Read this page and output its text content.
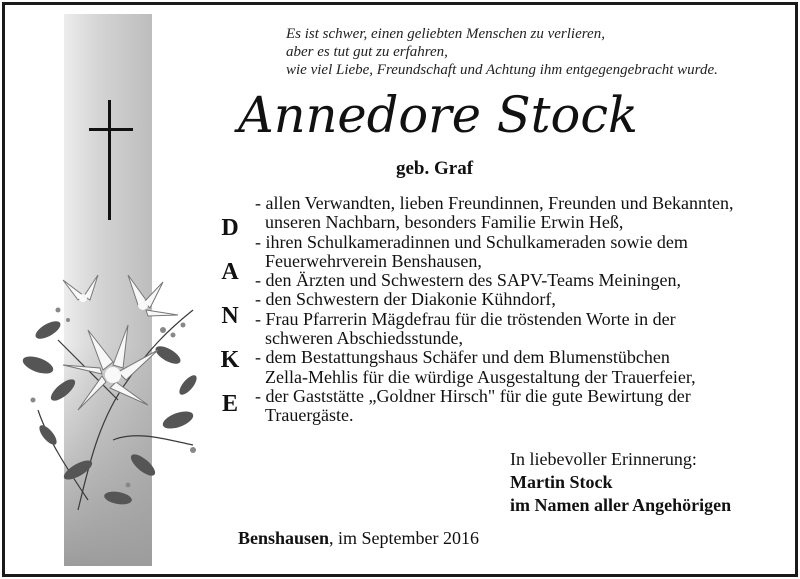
Es ist schwer, einen geliebten Menschen zu verlieren,
aber es tut gut zu erfahren,
wie viel Liebe, Freundschaft und Achtung ihm entgegengebracht wurde.
Annedore Stock
geb. Graf
D
A
N
K
E
- allen Verwandten, lieben Freundinnen, Freunden und Bekannten,
unseren Nachbarn, besonders Familie Erwin Heß,
- ihren Schulkameradinnen und Schulkameraden sowie dem
Feuerwehrverein Benshausen,
- den Ärzten und Schwestern des SAPV-Teams Meiningen,
- den Schwestern der Diakonie Kühndorf,
- Frau Pfarrerin Mägdefrau für die tröstenden Worte in der
schweren Abschiedsstunde,
- dem Bestattungshaus Schäfer und dem Blumenstübchen
Zella-Mehlis für die würdige Ausgestaltung der Trauerfeier,
- der Gaststätte „Goldner Hirsch" für die gute Bewirtung der
Trauergäste.
In liebevoller Erinnerung:
Martin Stock
im Namen aller Angehörigen
Benshausen, im September 2016
